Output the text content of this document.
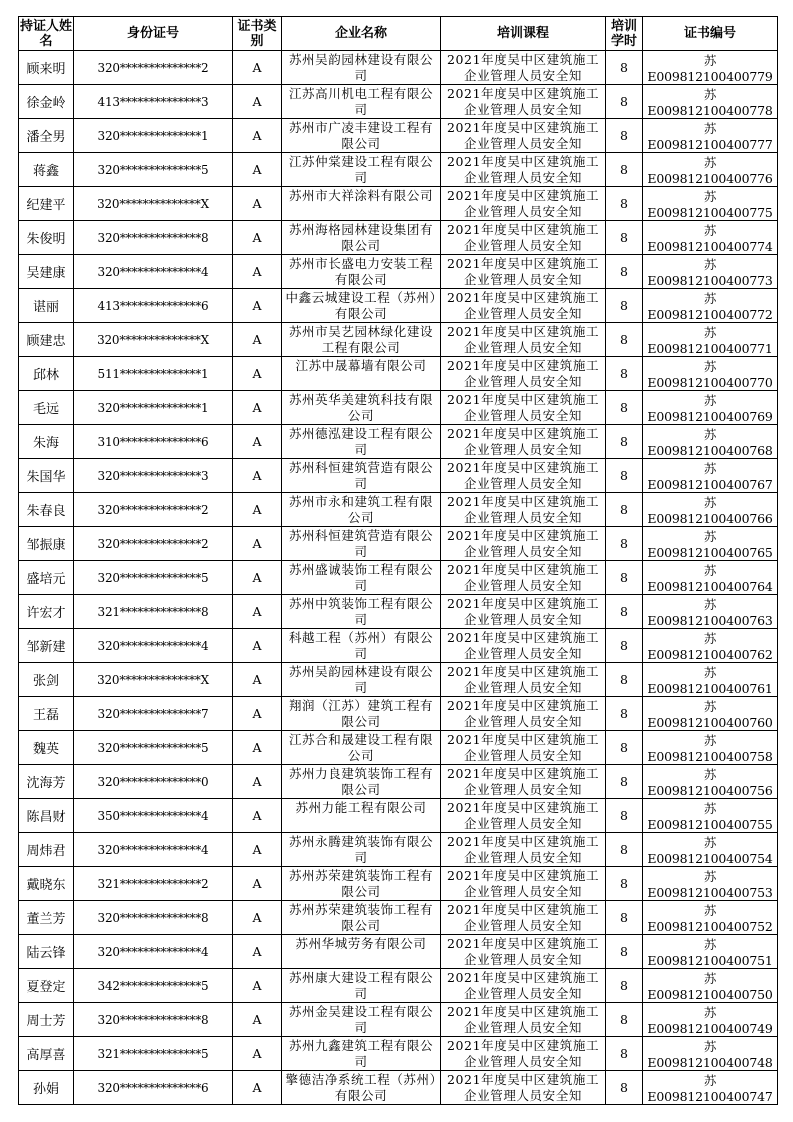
持证人姓名	身份证号	证书类别	企业名称	培训课程	培训学时	证书编号
顾来明	320**************2	A	苏州吴韵园林建设有限公司	2021年度吴中区建筑施工企业管理人员安全知	8	苏E009812100400779
徐金岭	413**************3	A	江苏高川机电工程有限公司	2021年度吴中区建筑施工企业管理人员安全知	8	苏E009812100400778
潘全男	320**************1	A	苏州市广凌丰建设工程有限公司	2021年度吴中区建筑施工企业管理人员安全知	8	苏E009812100400777
蒋鑫	320**************5	A	江苏仲棠建设工程有限公司	2021年度吴中区建筑施工企业管理人员安全知	8	苏E009812100400776
纪建平	320**************X	A	苏州市大祥涂料有限公司	2021年度吴中区建筑施工企业管理人员安全知	8	苏E009812100400775
朱俊明	320**************8	A	苏州海格园林建设集团有限公司	2021年度吴中区建筑施工企业管理人员安全知	8	苏E009812100400774
吴建康	320**************4	A	苏州市长盛电力安装工程有限公司	2021年度吴中区建筑施工企业管理人员安全知	8	苏E009812100400773
谌丽	413**************6	A	中鑫云城建设工程（苏州）有限公司	2021年度吴中区建筑施工企业管理人员安全知	8	苏E009812100400772
顾建忠	320**************X	A	苏州市吴艺园林绿化建设工程有限公司	2021年度吴中区建筑施工企业管理人员安全知	8	苏E009812100400771
邱林	511**************1	A	江苏中晟幕墙有限公司	2021年度吴中区建筑施工企业管理人员安全知	8	苏E009812100400770
毛远	320**************1	A	苏州英华美建筑科技有限公司	2021年度吴中区建筑施工企业管理人员安全知	8	苏E009812100400769
朱海	310**************6	A	苏州德泓建设工程有限公司	2021年度吴中区建筑施工企业管理人员安全知	8	苏E009812100400768
朱国华	320**************3	A	苏州科恒建筑营造有限公司	2021年度吴中区建筑施工企业管理人员安全知	8	苏E009812100400767
朱春良	320**************2	A	苏州市永和建筑工程有限公司	2021年度吴中区建筑施工企业管理人员安全知	8	苏E009812100400766
邹振康	320**************2	A	苏州科恒建筑营造有限公司	2021年度吴中区建筑施工企业管理人员安全知	8	苏E009812100400765
盛培元	320**************5	A	苏州盛诚装饰工程有限公司	2021年度吴中区建筑施工企业管理人员安全知	8	苏E009812100400764
许宏才	321**************8	A	苏州中筑装饰工程有限公司	2021年度吴中区建筑施工企业管理人员安全知	8	苏E009812100400763
邹新建	320**************4	A	科越工程（苏州）有限公司	2021年度吴中区建筑施工企业管理人员安全知	8	苏E009812100400762
张剑	320**************X	A	苏州吴韵园林建设有限公司	2021年度吴中区建筑施工企业管理人员安全知	8	苏E009812100400761
王磊	320**************7	A	翔润（江苏）建筑工程有限公司	2021年度吴中区建筑施工企业管理人员安全知	8	苏E009812100400760
魏英	320**************5	A	江苏合和晟建设工程有限公司	2021年度吴中区建筑施工企业管理人员安全知	8	苏E009812100400758
沈海芳	320**************0	A	苏州力良建筑装饰工程有限公司	2021年度吴中区建筑施工企业管理人员安全知	8	苏E009812100400756
陈昌财	350**************4	A	苏州力能工程有限公司	2021年度吴中区建筑施工企业管理人员安全知	8	苏E009812100400755
周炜君	320**************4	A	苏州永腾建筑装饰有限公司	2021年度吴中区建筑施工企业管理人员安全知	8	苏E009812100400754
戴晓东	321**************2	A	苏州苏荣建筑装饰工程有限公司	2021年度吴中区建筑施工企业管理人员安全知	8	苏E009812100400753
董兰芳	320**************8	A	苏州苏荣建筑装饰工程有限公司	2021年度吴中区建筑施工企业管理人员安全知	8	苏E009812100400752
陆云锋	320**************4	A	苏州华城劳务有限公司	2021年度吴中区建筑施工企业管理人员安全知	8	苏E009812100400751
夏登定	342**************5	A	苏州康大建设工程有限公司	2021年度吴中区建筑施工企业管理人员安全知	8	苏E009812100400750
周士芳	320**************8	A	苏州金吴建设工程有限公司	2021年度吴中区建筑施工企业管理人员安全知	8	苏E009812100400749
高厚喜	321**************5	A	苏州九鑫建筑工程有限公司	2021年度吴中区建筑施工企业管理人员安全知	8	苏E009812100400748
孙娟	320**************6	A	擎德洁净系统工程（苏州）有限公司	2021年度吴中区建筑施工企业管理人员安全知	8	苏E009812100400747
